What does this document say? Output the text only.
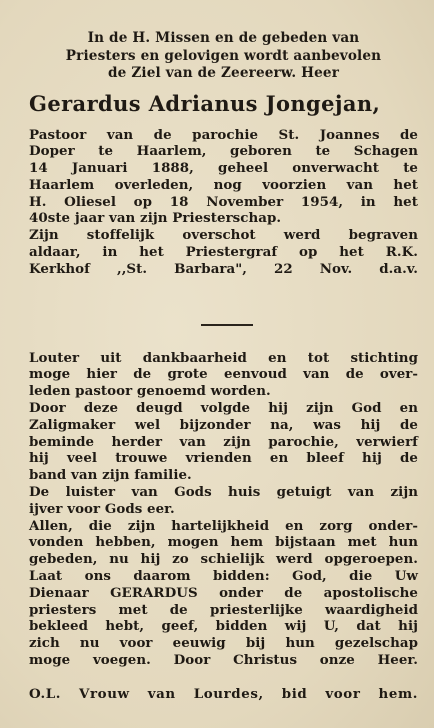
In de H. Missen en de gebeden van

Priesters en gelovigen wordt aanbevolen

de Ziel van de Zeereerw. Heer

Gerardus Adrianus Jongejan,

Pastoor van de parochie St. Joannes de

Doper te Haarlem, geboren te Schagen

14 Januari 1888, geheel onverwacht te

Haarlem overleden, nog voorzien van het

H. Oliesel op 18 November 1954, in het

40ste jaar van zijn Priesterschap.

Zijn stoffelijk overschot werd begraven

aldaar, in het Priestergraf op het R.K.

Kerkhof ,,St. Barbara", 22 Nov. d.a.v.

Louter uit dankbaarheid en tot stichting

moge hier de grote eenvoud van de over-

leden pastoor genoemd worden.

Door deze deugd volgde hij zijn God en

Zaligmaker wel bijzonder na, was hij de

beminde herder van zijn parochie, verwierf

hij veel trouwe vrienden en bleef hij de

band van zijn familie.

De luister van Gods huis getuigt van zijn

ijver voor Gods eer.

Allen, die zijn hartelijkheid en zorg onder-

vonden hebben, mogen hem bijstaan met hun

gebeden, nu hij zo schielijk werd opgeroepen.

Laat ons daarom bidden: God, die Uw

Dienaar GERARDUS onder de apostolische

priesters met de priesterlijke waardigheid

bekleed hebt, geef, bidden wij U, dat hij

zich nu voor eeuwig bij hun gezelschap

moge voegen. Door Christus onze Heer.

O.L. Vrouw van Lourdes, bid voor hem.
